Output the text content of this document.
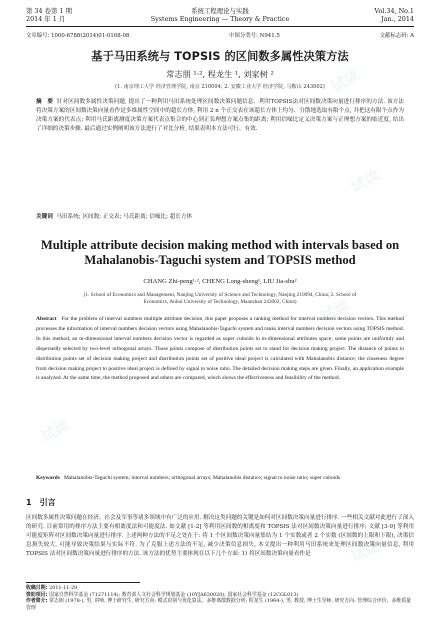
试读
试读
试读
试读
试读
第 34 卷第 1 期	系统工程理论与实践	Vol.34, No.1
2014 年 1 月	Systems Engineering — Theory & Practice	Jan., 2014
文章编号: 1000-6788(2014)01-0168-08	中图分类号: N941.5	文献标志码: A
基于马田系统与 TOPSIS 的区间数多属性决策方法
常志朋 ¹·², 程龙生 ¹, 刘家树 ²
(1. 南京理工大学 经济管理学院, 南京 210094; 2. 安徽工业大学 经济学院, 马鞍山 243002)
摘　要 针对区间数多属性决策问题, 提出了一种利用马田系统处理区间数决策问题信息、利用TOPSIS法对区间数决策向量进行排序的方法. 该方法将决策方案的区间数决策向量看作是多维属性空间中的超长方体, 利用 2 n 个正交表在该超长方体上均匀、分散地选取有限个点, 并把这有限个点作为决策方案的代表点; 利用马氏距离测度决策方案代表点集合的中心到正负理想方案点集的距离; 利用信噪比定义决策方案与正理想方案的贴近度, 给出了详细的决策步骤. 最后通过实例阐明该方法进行了对比分析, 结果表明本方法可行、有效.
关键词 马田系统; 区间数; 正交表; 马氏距离; 信噪比; 超长方体
Multiple attribute decision making method with intervals based on Mahalanobis-Taguchi system and TOPSIS method
CHANG Zhi-peng¹·², CHENG Long-sheng¹, LIU Jia-shu²
(1. School of Economics and Management, Nanjing University of Science and Technology, Nanjing 210094, China; 2. School of
Economics, Anhui University of Technology, Maanshan 243002, China)
Abstract For the problem of interval numbers multiple attribute decision, this paper proposes a ranking method for interval numbers decision vectors. This method processes the information of interval numbers decision vectors using Mahalanobis-Taguchi system and ranks interval numbers decision vectors using TOPSIS method. In this method, an m-dimensional interval numbers decision vector is regarded as super cuboids in m-dimensional attributes space; some points are uniformly and dispersedly selected by two-level orthogonal arrays. Those points compose of distribution points set to stand for decision making project. The distance of points in distribution points set of decision making project and distribution points set of positive ideal project is calculated with Mahalanobis distance; the closeness degree from decision making project to positive ideal project is defined by signal to noise ratio. The detailed decision making steps are given. Finally, an application example is analyzed. At the same time, the method proposed and others are compared, which shows the effectiveness and feasibility of the method.
Keywords Mahalanobis-Taguchi system; interval numbers; orthogonal arrays; Mahalanobis distance; signal to noise ratio; super cuboids
1　引言
区间数多属性决策问题在经济、社会及军事等诸多领域中有广泛的应用. 解决这类问题的关键是如何对区间数决策向量进行排序. 一些相关文献对此进行了深入的研究. 目前常用的排序方法主要有相离度法和可能度法. 如文献 [1-2] 等利用区间数的相离度和 TOPSIS 法对区间数决策向量进行排序; 文献 [3-9] 等利用可能度矩阵对区间数决策向量进行排序. 上述两种方法的不足之处在于: 将 1 个区间数决策向量集结为 1 个实数或者 2 个实数 (区间数的上限和下限), 决策信息损失较大, 可能导致决策结果与实际不符. 为了克服上述方法的不足, 减少决策信息损失, 本文提出一种利用马田系统来处理区间数决策向量信息, 利用 TOPSIS 法对区间数决策向量进行排序的方法. 该方法的优势主要体现在以下几个方面: 1) 将区间数决策向量看作是
收稿日期: 2011-11-29
资助项目: 国家自然科学基金 (71271114); 教育部人文社会科学规划基金 (10YJA630020); 国家社会科学基金 (12CGL013)
作者简介: 常志朋 (1978-), 男, 讲师, 博士研究生, 研究方向: 模式识别与优化算法、多维离散数据分析; 程龙生 (1964-), 男, 教授, 博士生导师, 研究方向: 管理综合评价、多维质量管理
